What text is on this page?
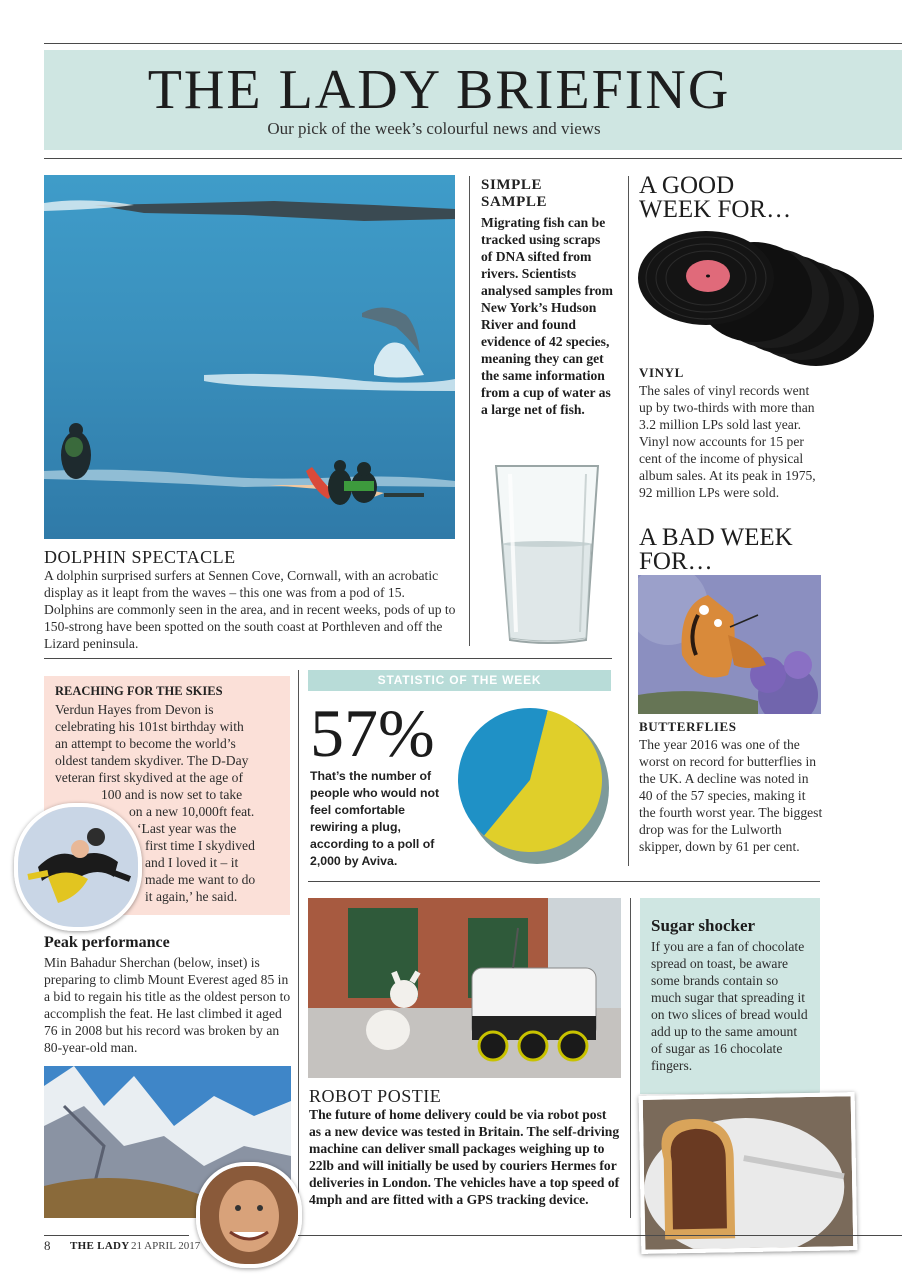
THE LADY BRIEFING
Our pick of the week’s colourful news and views
DOLPHIN SPECTACLE
A dolphin surprised surfers at Sennen Cove, Cornwall, with an acrobatic display as it leapt from the waves – this one was from a pod of 15. Dolphins are commonly seen in the area, and in recent weeks, pods of up to 150-strong have been spotted on the south coast at Porthleven and off the Lizard peninsula.
SIMPLE SAMPLE
Migrating fish can be tracked using scraps of DNA sifted from rivers. Scientists analysed samples from New York’s Hudson River and found evidence of 42 species, meaning they can get the same information from a cup of water as a large net of fish.
A GOOD WEEK FOR…
VINYL
The sales of vinyl records went up by two-thirds with more than 3.2 million LPs sold last year. Vinyl now accounts for 15 per cent of the income of physical album sales. At its peak in 1975, 92 million LPs were sold.
A BAD WEEK FOR…
BUTTERFLIES
The year 2016 was one of the worst on record for butterflies in the UK. A decline was noted in 40 of the 57 species, making it the fourth worst year. The biggest drop was for the Lulworth skipper, down by 61 per cent.
REACHING FOR THE SKIES
Verdun Hayes from Devon is
celebrating his 101st birthday with
an attempt to become the world’s
oldest tandem skydiver. The D-Day
veteran first skydived at the age of
100 and is now set to take
on a new 10,000ft feat.
‘Last year was the
first time I skydived
and I loved it – it
made me want to do
it again,’ he said.
STATISTIC OF THE WEEK
57%
That’s the number of people who would not feel comfortable rewiring a plug, according to a poll of 2,000 by Aviva.
Peak performance
Min Bahadur Sherchan (below, inset) is preparing to climb Mount Everest aged 85 in a bid to regain his title as the oldest person to accomplish the feat. He last climbed it aged 76 in 2008 but his record was broken by an 80-year-old man.
ROBOT POSTIE
The future of home delivery could be via robot post as a new device was tested in Britain. The self-driving machine can deliver small packages weighing up to 22lb and will initially be used by couriers Hermes for deliveries in London. The vehicles have a top speed of 4mph and are fitted with a GPS tracking device.
Sugar shocker
If you are a fan of chocolate spread on toast, be aware some brands contain so much sugar that spreading it on two slices of bread would add up to the same amount of sugar as 16 chocolate fingers.
8 THE LADY 21 APRIL 2017
